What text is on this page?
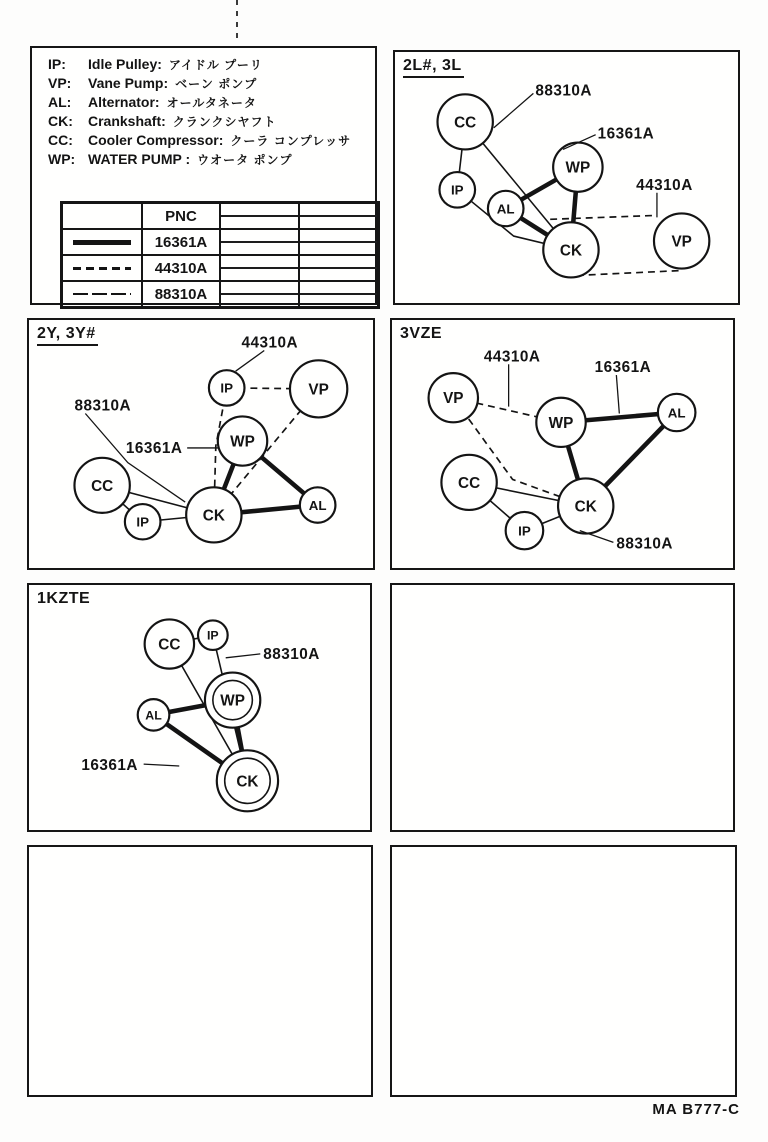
IP:	Idle Pulley: アイドル プーリ
VP:	Vane Pump: ベーン ポンプ
AL:	Alternator: オールタネータ
CK:	Crankshaft: クランクシヤフト
CC:	Cooler Compressor: クーラ コンプレッサ
WP: WATER PUMP : ウオータ ポンプ
	PNC	

	16361A	

	44310A	

	88310A	

2L#, 3L
CC
IP
AL
WP
CK
VP
88310A
16361A
44310A
2Y, 3Y#
IP	VP
WP
CC
IP	CK
AL
44310A
88310A
16361A
3VZE
VP
WP
AL
CC
CK
IP
44310A
16361A
88310A
1KZTE
CC
IP
WP
AL
CK
88310A
16361A
MA B777-C
